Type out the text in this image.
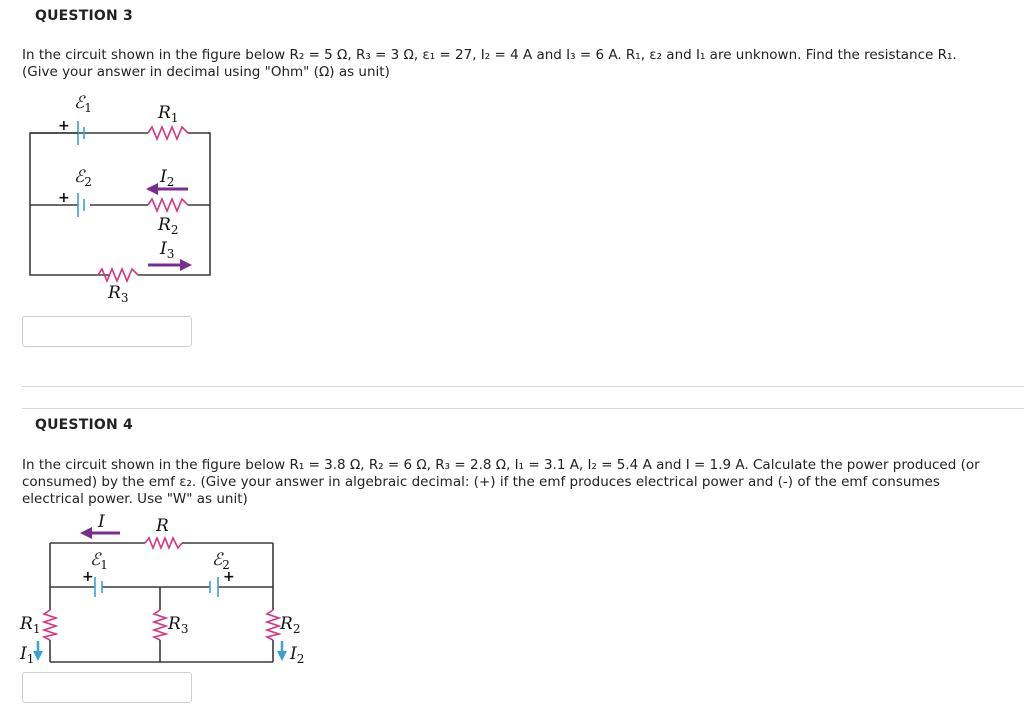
QUESTION 3
In the circuit shown in the figure below R₂ = 5 Ω, R₃ = 3 Ω, ε₁ = 27, I₂ = 4 A and I₃ = 6 A. R₁, ε₂ and I₁ are unknown. Find the resistance R₁.
(Give your answer in decimal using "Ohm" (Ω) as unit)
+
+
ℰ$_1$
ℰ$_2$
$R_1$
$I_2$
$R_2$
$I_3$
$R_3$
QUESTION 4
In the circuit shown in the figure below R₁ = 3.8 Ω, R₂ = 6 Ω, R₃ = 2.8 Ω, I₁ = 3.1 A, I₂ = 5.4 A and I = 1.9 A. Calculate the power produced (or
consumed) by the emf ε₂. (Give your answer in algebraic decimal: (+) if the emf produces electrical power and (-) of the emf consumes
electrical power. Use "W" as unit)
I	R
ℰ$_1$
+
ℰ$_2$
+
$R_1$
$I_1$
$R_3$	$R_2$
$I_2$
